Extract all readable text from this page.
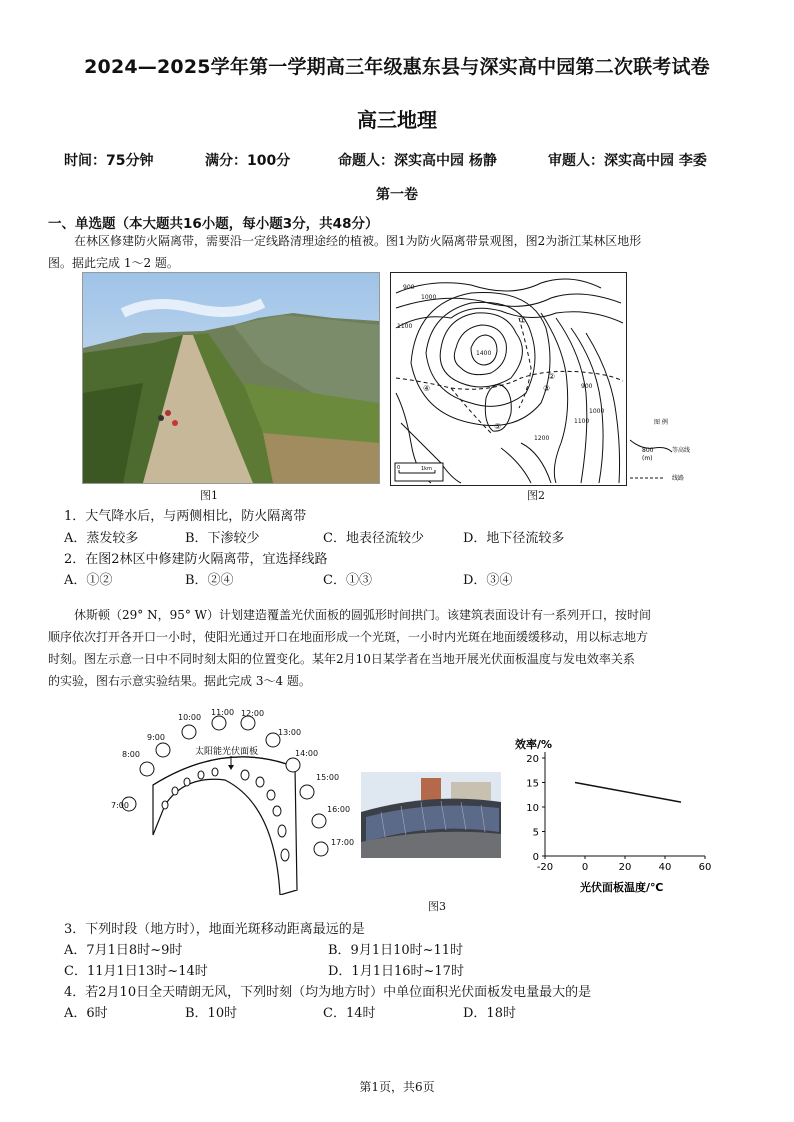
2024—2025学年第一学期高三年级惠东县与深实高中园第二次联考试卷
高三地理
时间：75分钟	满分：100分	命题人：深实高中园 杨静	审题人：深实高中园 李委
第一卷
一、单选题（本大题共16小题，每小题3分，共48分）
在林区修建防火隔离带，需要沿一定线路清理途经的植被。图1为防火隔离带景观图，图2为浙江某林区地形
图。据此完成 1～2 题。
图1
900
1000
1100
1400
900
1000
1100
1200
①
②
③
④
⑤
0	1km
图 例
800
(m)
等高线
线路
图2
1．大气降水后，与两侧相比，防火隔离带
A．蒸发较多	B．下渗较少	C．地表径流较少	D．地下径流较多
2．在图2林区中修建防火隔离带，宜选择线路
A．①②	B．②④	C．①③	D．③④
休斯顿（29° N，95° W）计划建造覆盖光伏面板的圆弧形时间拱门。该建筑表面设计有一系列开口，按时间
顺序依次打开各开口一小时，使阳光通过开口在地面形成一个光斑，一小时内光斑在地面缓缓移动，用以标志地方
时刻。图左示意一日中不同时刻太阳的位置变化。某年2月10日某学者在当地开展光伏面板温度与发电效率关系
的实验，图右示意实验结果。据此完成 3～4 题。
太阳能光伏面板
7:00
8:00
9:00
10:00
11:00 12:00
13:00
14:00
15:00
16:00
17:00
效率/%
光伏面板温度/℃
0
5
10
15
20
-20	0	20	40	60
图3
3．下列时段（地方时），地面光斑移动距离最远的是
A．7月1日8时~9时	B．9月1日10时~11时
C．11月1日13时~14时	D．1月1日16时~17时
4．若2月10日全天晴朗无风，下列时刻（均为地方时）中单位面积光伏面板发电量最大的是
A．6时	B．10时	C．14时	D．18时
第1页，共6页
